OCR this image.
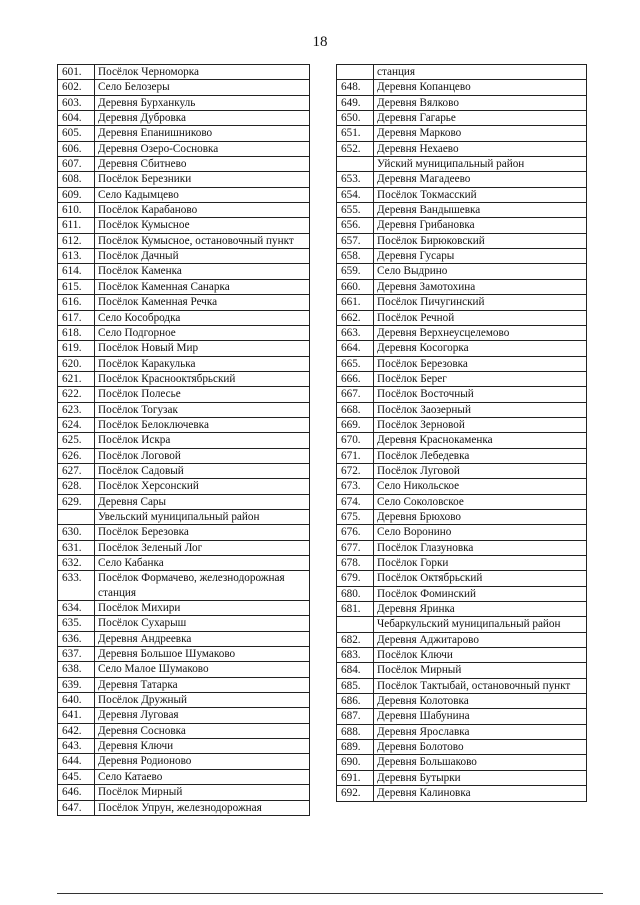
18
601.	Посёлок Черноморка
602.	Село Белозеры
603.	Деревня Бурханкуль
604.	Деревня Дубровка
605.	Деревня Епанишниково
606.	Деревня Озеро-Сосновка
607.	Деревня Сбитнево
608.	Посёлок Березники
609.	Село Кадымцево
610.	Посёлок Карабаново
611.	Посёлок Кумысное
612.	Посёлок Кумысное, остановочный пункт
613.	Посёлок Дачный
614.	Посёлок Каменка
615.	Посёлок Каменная Санарка
616.	Посёлок Каменная Речка
617.	Село Кособродка
618.	Село Подгорное
619.	Посёлок Новый Мир
620.	Посёлок Каракулька
621.	Посёлок Краснооктябрьский
622.	Посёлок Полесье
623.	Посёлок Тогузак
624.	Посёлок Белоключевка
625.	Посёлок Искра
626.	Посёлок Логовой
627.	Посёлок Садовый
628.	Посёлок Херсонский
629.	Деревня Сары
	Увельский муниципальный район
630.	Посёлок Березовка
631.	Посёлок Зеленый Лог
632.	Село Кабанка
633.	Посёлок Формачево, железнодорожная станция
634.	Посёлок Михири
635.	Посёлок Сухарыш
636.	Деревня Андреевка
637.	Деревня Большое Шумаково
638.	Село Малое Шумаково
639.	Деревня Татарка
640.	Посёлок Дружный
641.	Деревня Луговая
642.	Деревня Сосновка
643.	Деревня Ключи
644.	Деревня Родионово
645.	Село Катаево
646.	Посёлок Мирный
647.	Посёлок Упрун, железнодорожная
	станция
648.	Деревня Копанцево
649.	Деревня Вялково
650.	Деревня Гагарье
651.	Деревня Марково
652.	Деревня Нехаево
	Уйский муниципальный район
653.	Деревня Магадеево
654.	Посёлок Токмасский
655.	Деревня Вандышевка
656.	Деревня Грибановка
657.	Посёлок Бирюковский
658.	Деревня Гусары
659.	Село Выдрино
660.	Деревня Замотохина
661.	Посёлок Пичугинский
662.	Посёлок Речной
663.	Деревня Верхнеусцелемово
664.	Деревня Косогорка
665.	Посёлок Березовка
666.	Посёлок Берег
667.	Посёлок Восточный
668.	Посёлок Заозерный
669.	Посёлок Зерновой
670.	Деревня Краснокаменка
671.	Посёлок Лебедевка
672.	Посёлок Луговой
673.	Село Никольское
674.	Село Соколовское
675.	Деревня Брюхово
676.	Село Воронино
677.	Посёлок Глазуновка
678.	Посёлок Горки
679.	Посёлок Октябрьский
680.	Посёлок Фоминский
681.	Деревня Яринка
	Чебаркульский муниципальный район
682.	Деревня Аджитарово
683.	Посёлок Ключи
684.	Посёлок Мирный
685.	Посёлок Тактыбай, остановочный пункт
686.	Деревня Колотовка
687.	Деревня Шабунина
688.	Деревня Ярославка
689.	Деревня Болотово
690.	Деревня Большаково
691.	Деревня Бутырки
692.	Деревня Калиновка
